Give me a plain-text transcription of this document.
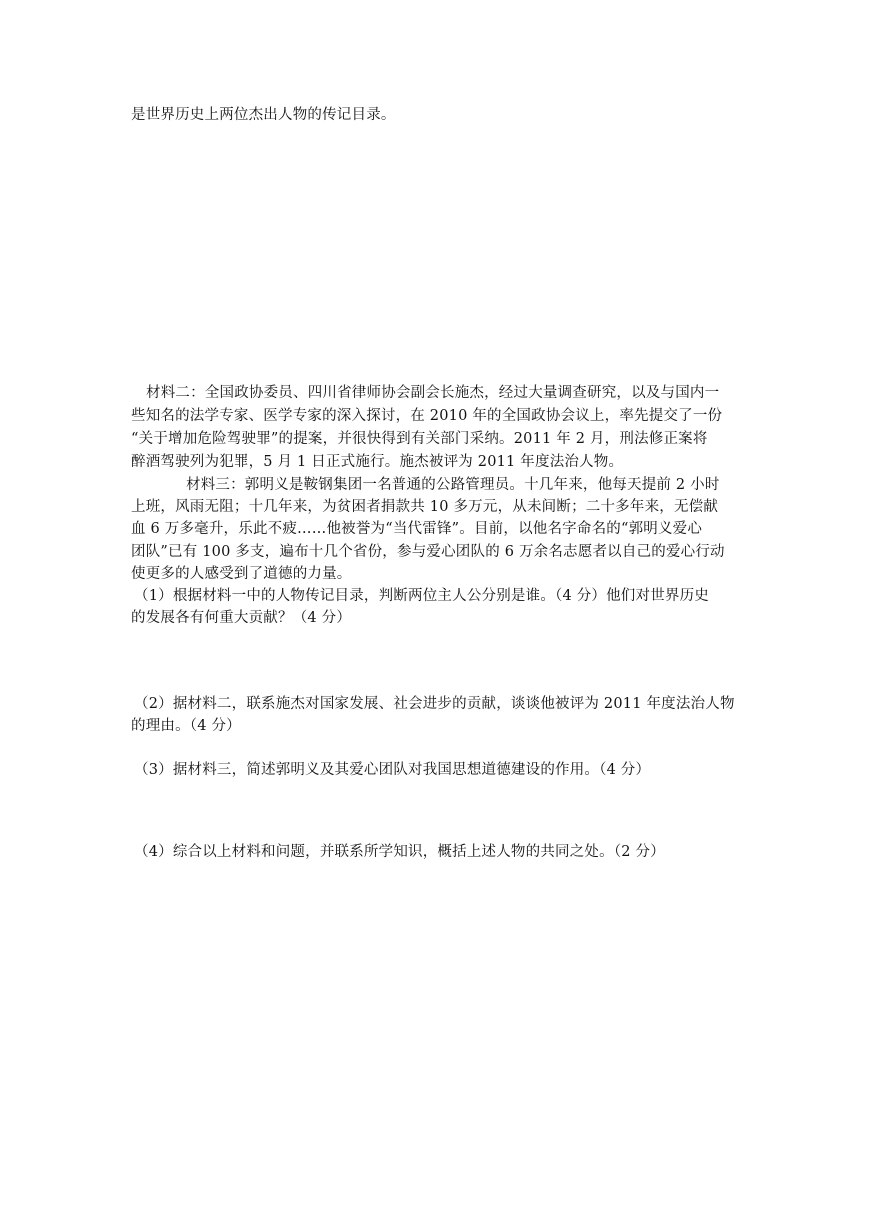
是世界历史上两位杰出人物的传记目录。
材料二：全国政协委员、四川省律师协会副会长施杰，经过大量调查研究，以及与国内一
些知名的法学专家、医学专家的深入探讨，在 2010 年的全国政协会议上，率先提交了一份
“关于增加危险驾驶罪”的提案，并很快得到有关部门采纳。2011 年 2 月，刑法修正案将
醉酒驾驶列为犯罪，5 月 1 日正式施行。施杰被评为 2011 年度法治人物。
材料三：郭明义是鞍钢集团一名普通的公路管理员。十几年来，他每天提前 2 小时
上班，风雨无阻；十几年来，为贫困者捐款共 10 多万元，从未间断；二十多年来，无偿献
血 6 万多毫升，乐此不疲……他被誉为“当代雷锋”。目前，以他名字命名的“郭明义爱心
团队”已有 100 多支，遍布十几个省份，参与爱心团队的 6 万余名志愿者以自己的爱心行动
使更多的人感受到了道德的力量。
（1）根据材料一中的人物传记目录，判断两位主人公分别是谁。（4 分）他们对世界历史
的发展各有何重大贡献？（4 分）
（2）据材料二，联系施杰对国家发展、社会进步的贡献，谈谈他被评为 2011 年度法治人物
的理由。（4 分）
（3）据材料三，简述郭明义及其爱心团队对我国思想道德建设的作用。（4 分）
（4）综合以上材料和问题，并联系所学知识，概括上述人物的共同之处。（2 分）
